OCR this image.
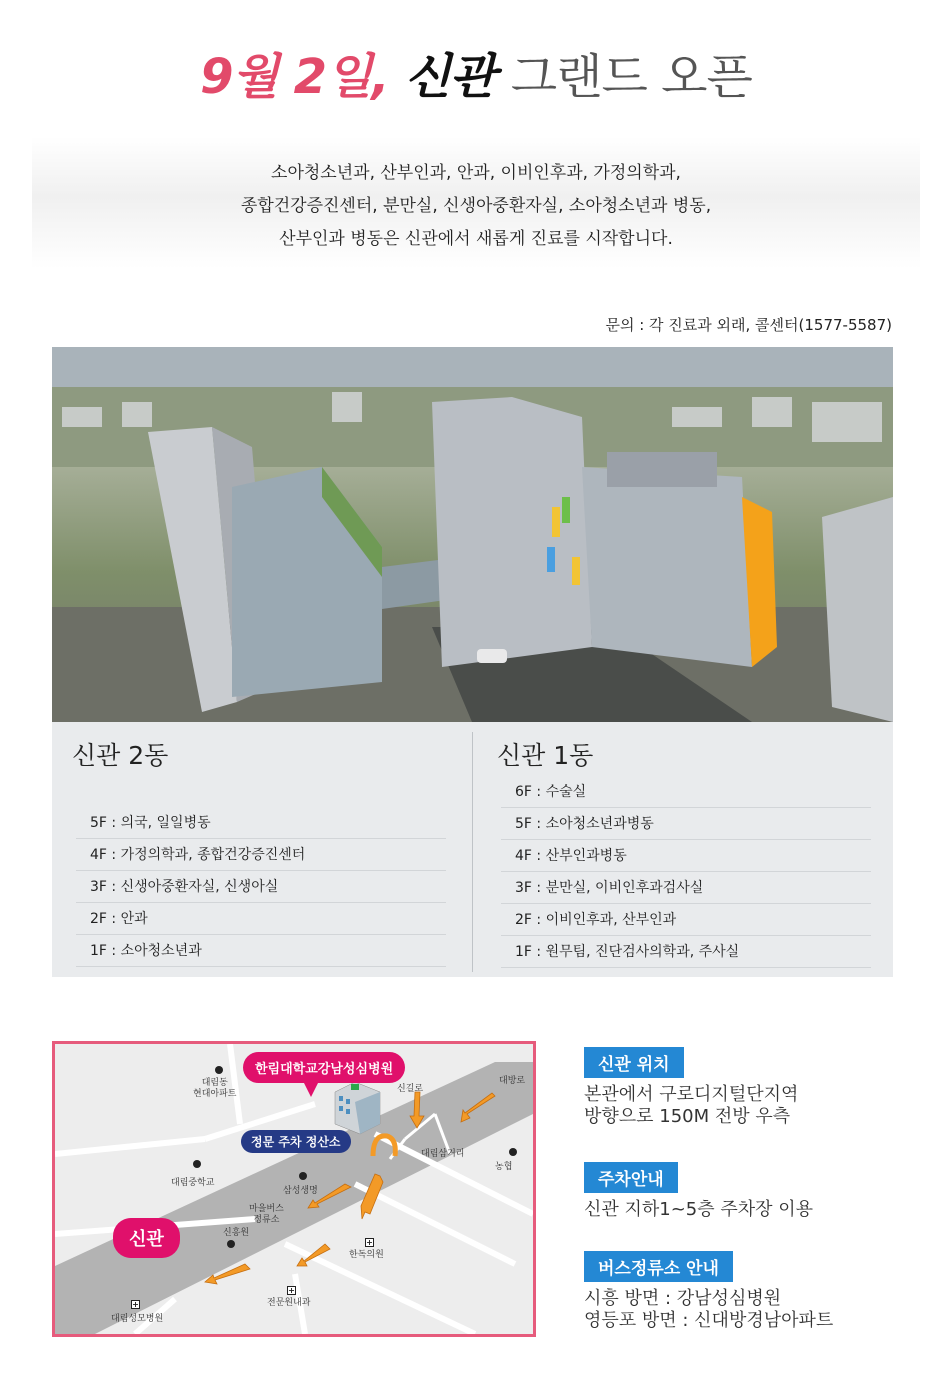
9월 2일, 신관 그랜드 오픈

소아청소년과, 산부인과, 안과, 이비인후과, 가정의학과,

종합건강증진센터, 분만실, 신생아중환자실, 소아청소년과 병동,

산부인과 병동은 신관에서 새롭게 진료를 시작합니다.

문의 : 각 진료과 외래, 콜센터(1577-5587)
신관 2동
5F : 의국, 일일병동
4F : 가정의학과, 종합건강증진센터
3F : 신생아중환자실, 신생아실
2F : 안과
1F : 소아청소년과
신관 1동
6F : 수술실
5F : 소아청소년과병동
4F : 산부인과병동
3F : 분만실, 이비인후과검사실
2F : 이비인후과, 산부인과
1F : 원무팀, 진단검사의학과, 주사실
한림대학교강남성심병원
정문 주차 정산소
신관
대림동
현대아파트	신길로
대방로
대림삼거리
농협
대림중학교
삼성생명
마을버스
정류소
신흥원
+
한독의원
+
전문원내과
+
대림성모병원
신관 위치

본관에서 구로디지털단지역

방향으로 150M 전방 우측

주차안내

신관 지하1~5층 주차장 이용

버스정류소 안내

시흥 방면 : 강남성심병원

영등포 방면 : 신대방경남아파트
